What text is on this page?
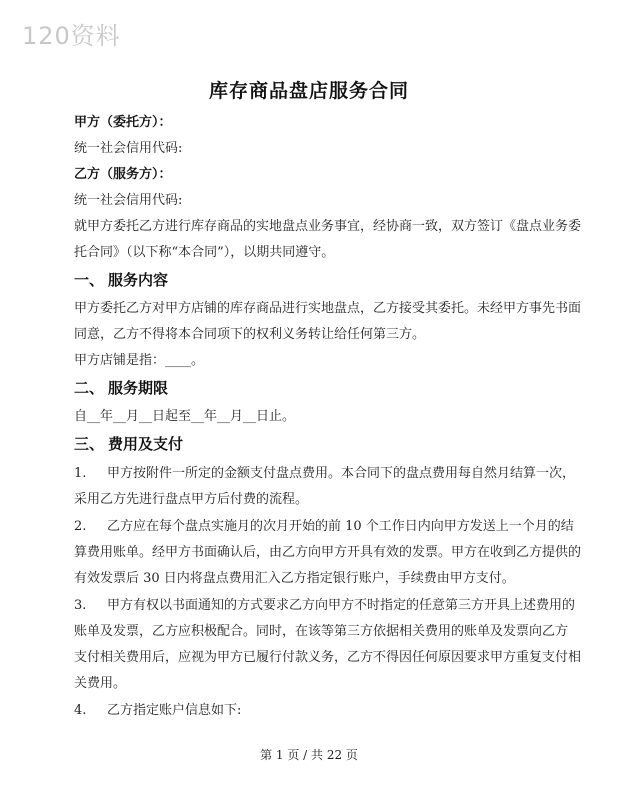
120资料
库存商品盘店服务合同
甲方（委托方）：
统一社会信用代码:
乙方（服务方）：
统一社会信用代码:
就甲方委托乙方进行库存商品的实地盘点业务事宜，经协商一致，双方签订《盘点业务委
托合同》（以下称“本合同”），以期共同遵守。
一、 服务内容
甲方委托乙方对甲方店铺的库存商品进行实地盘点，乙方接受其委托。未经甲方事先书面
同意，乙方不得将本合同项下的权利义务转让给任何第三方。
甲方店铺是指：____。
二、 服务期限
自__年__月__日起至__年__月__日止。
三、 费用及支付
1. 甲方按附件一所定的金额支付盘点费用。本合同下的盘点费用每自然月结算一次，
采用乙方先进行盘点甲方后付费的流程。
2. 乙方应在每个盘点实施月的次月开始的前 10 个工作日内向甲方发送上一个月的结
算费用账单。经甲方书面确认后，由乙方向甲方开具有效的发票。甲方在收到乙方提供的
有效发票后 30 日内将盘点费用汇入乙方指定银行账户，手续费由甲方支付。
3. 甲方有权以书面通知的方式要求乙方向甲方不时指定的任意第三方开具上述费用的
账单及发票，乙方应积极配合。同时，在该等第三方依据相关费用的账单及发票向乙方
支付相关费用后，应视为甲方已履行付款义务，乙方不得因任何原因要求甲方重复支付相
关费用。
4. 乙方指定账户信息如下:
第 1 页 / 共 22 页
